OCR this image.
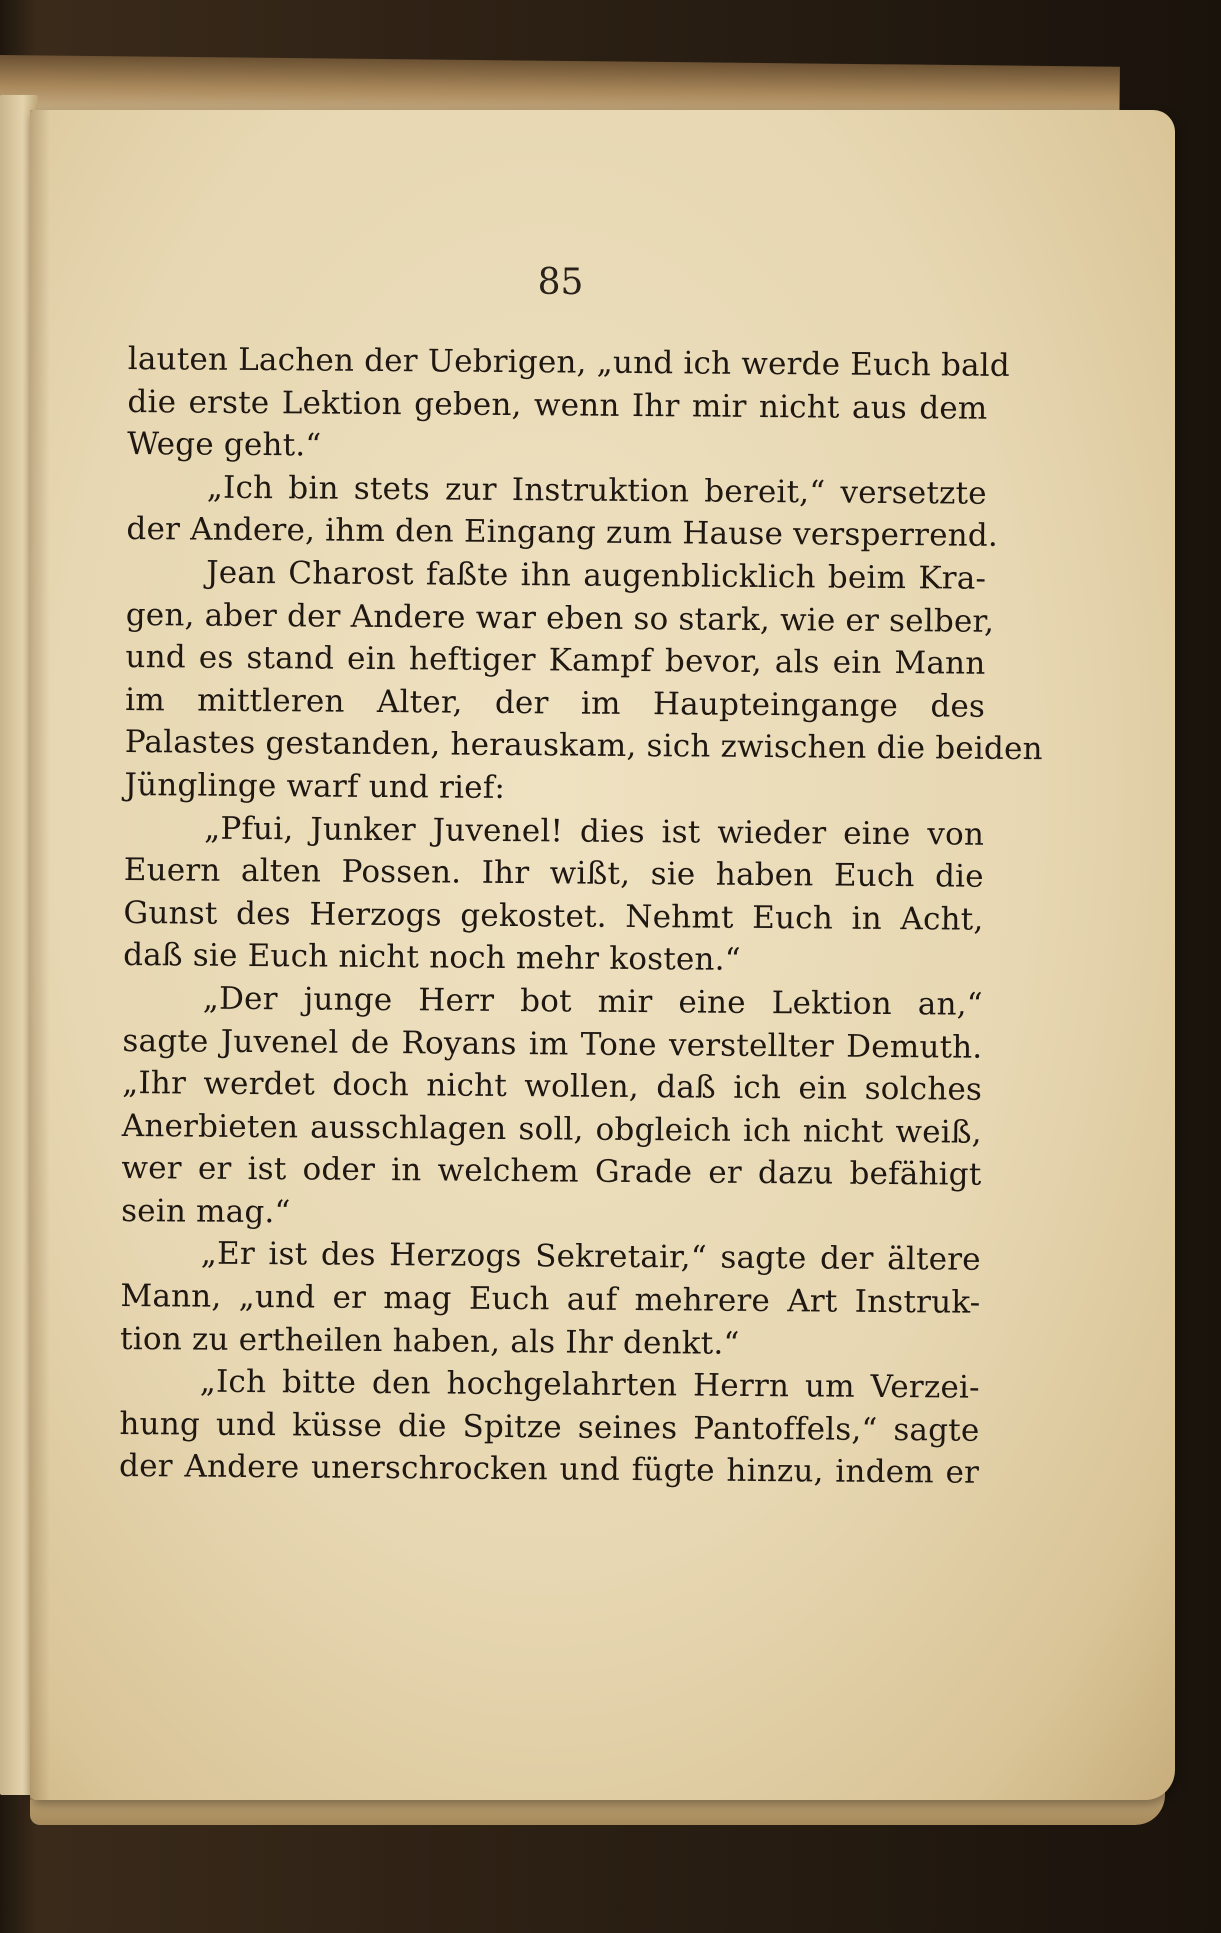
85
lauten Lachen der Uebrigen, „und ich werde Euch bald
die erste Lektion geben, wenn Ihr mir nicht aus dem
Wege geht.“
„Ich bin stets zur Instruktion bereit,“ versetzte
der Andere, ihm den Eingang zum Hause versperrend.
Jean Charost faßte ihn augenblicklich beim Kra-
gen, aber der Andere war eben so stark, wie er selber,
und es stand ein heftiger Kampf bevor, als ein Mann
im mittleren Alter, der im Haupteingange des
Palastes gestanden, herauskam, sich zwischen die beiden
Jünglinge warf und rief:
„Pfui, Junker Juvenel! dies ist wieder eine von
Euern alten Possen. Ihr wißt, sie haben Euch die
Gunst des Herzogs gekostet. Nehmt Euch in Acht,
daß sie Euch nicht noch mehr kosten.“
„Der junge Herr bot mir eine Lektion an,“
sagte Juvenel de Royans im Tone verstellter Demuth.
„Ihr werdet doch nicht wollen, daß ich ein solches
Anerbieten ausschlagen soll, obgleich ich nicht weiß,
wer er ist oder in welchem Grade er dazu befähigt
sein mag.“
„Er ist des Herzogs Sekretair,“ sagte der ältere
Mann, „und er mag Euch auf mehrere Art Instruk-
tion zu ertheilen haben, als Ihr denkt.“
„Ich bitte den hochgelahrten Herrn um Verzei-
hung und küsse die Spitze seines Pantoffels,“ sagte
der Andere unerschrocken und fügte hinzu, indem er
